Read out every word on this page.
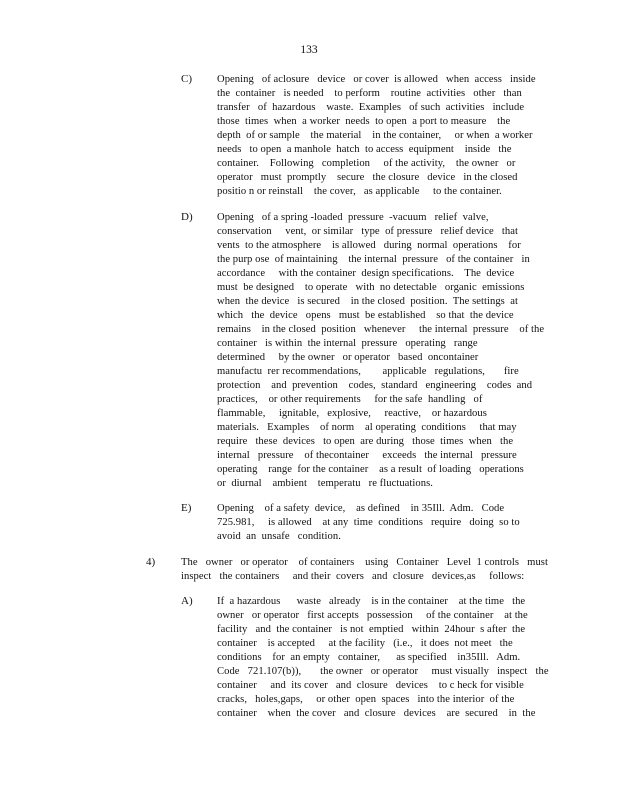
133
C) Opening   of aclosure   device   or cover  is allowed   when  access   inside
the  container   is needed    to perform    routine  activities   other   than
transfer   of  hazardous    waste.  Examples   of such  activities   include
those  times  when  a worker  needs  to open  a port to measure    the
depth  of or sample    the material    in the container,     or when  a worker
needs   to open  a manhole  hatch  to access  equipment    inside   the
container.    Following   completion     of the activity,    the owner   or
operator   must  promptly    secure   the closure   device   in the closed
positio n or reinstall    the cover,   as applicable     to the container.
D) Opening   of a spring -loaded  pressure  -vacuum   relief  valve,
conservation     vent,  or similar   type  of pressure   relief device   that
vents  to the atmosphere    is allowed   during  normal  operations    for
the purp ose  of maintaining    the internal  pressure   of the container   in
accordance     with the container  design specifications.    The  device
must  be designed    to operate   with  no detectable   organic  emissions
when  the device   is secured    in the closed  position.  The settings  at
which   the  device   opens   must  be established    so that  the device
remains    in the closed  position   whenever     the internal  pressure    of the
container   is within  the internal  pressure   operating   range
determined     by the owner   or operator   based  oncontainer
manufactu  rer recommendations,        applicable   regulations,       fire
protection    and  prevention    codes,  standard   engineering    codes  and
practices,    or other requirements     for the safe  handling   of
flammable,     ignitable,   explosive,     reactive,    or hazardous
materials.   Examples    of norm    al operating  conditions     that may
require   these  devices   to open  are during   those  times  when   the
internal   pressure    of thecontainer     exceeds   the internal   pressure
operating    range  for the container    as a result  of loading   operations
or  diurnal    ambient    temperatu   re fluctuations.
E) Opening    of a safety  device,    as defined    in 35Ill.  Adm.   Code
725.981,     is allowed    at any  time  conditions   require   doing  so to
avoid  an  unsafe   condition.
4) The   owner   or operator    of containers    using   Container   Level  1 controls   must
inspect   the containers     and their  covers   and  closure   devices,as     follows:
A) If  a hazardous      waste   already    is in the container    at the time   the
owner   or operator   first accepts   possession     of the container    at the
facility   and  the container   is not  emptied   within  24hour  s after  the
container    is accepted     at the facility   (i.e.,   it does  not meet   the
conditions    for  an empty   container,      as specified    in35Ill.   Adm.
Code   721.107(b)),       the owner   or operator     must visually   inspect   the
container     and  its cover   and  closure   devices    to c heck for visible
cracks,   holes,gaps,     or other  open  spaces   into the interior  of the
container    when  the cover   and  closure   devices    are  secured    in  the
